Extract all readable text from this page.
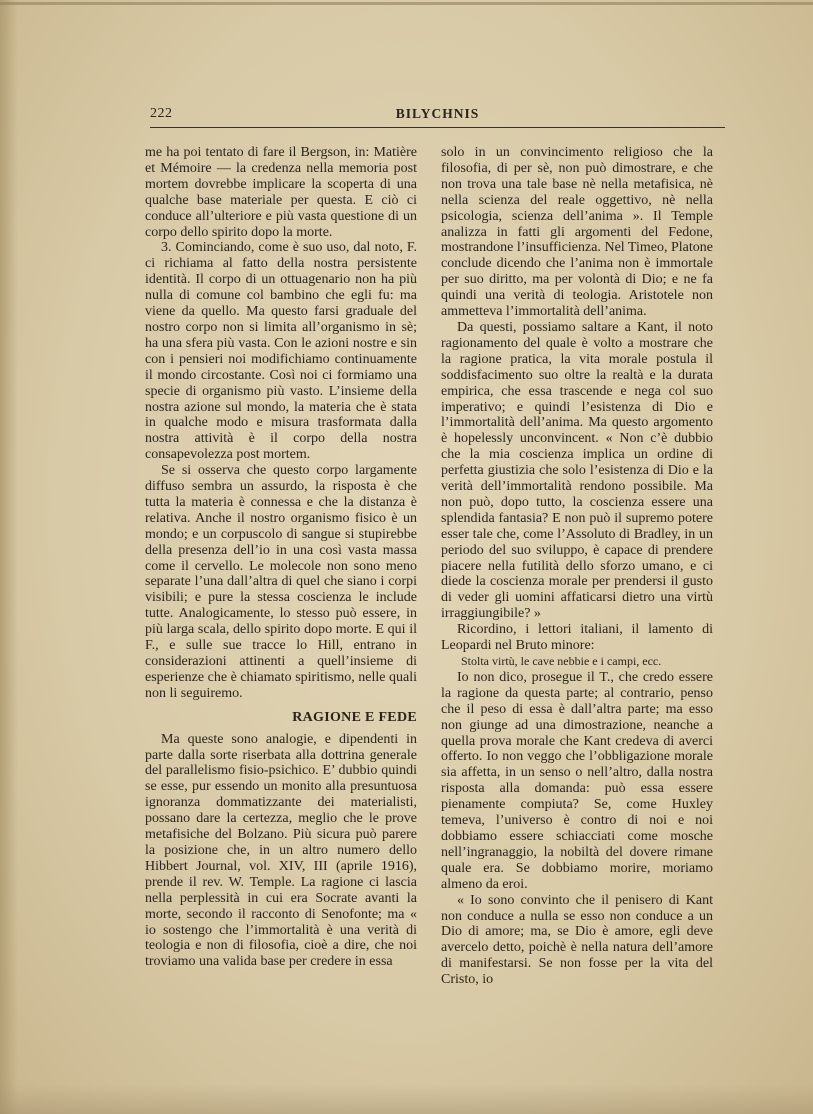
222	BILYCHNIS

me ha poi tentato di fare il Bergson, in: Matière et Mémoire — la credenza nella memoria post mortem dovrebbe implicare la scoperta di una qualche base materiale per questa. E ciò ci conduce all’ulteriore e più vasta questione di un corpo dello spirito dopo la morte.

3. Cominciando, come è suo uso, dal noto, F. ci richiama al fatto della nostra persistente identità. Il corpo di un ottuagenario non ha più nulla di comune col bambino che egli fu: ma viene da quello. Ma questo farsi graduale del nostro corpo non si limita all’organismo in sè; ha una sfera più vasta. Con le azioni nostre e sin con i pensieri noi modifichiamo continuamente il mondo circostante. Così noi ci formiamo una specie di organismo più vasto. L’insieme della nostra azione sul mondo, la materia che è stata in qualche modo e misura trasformata dalla nostra attività è il corpo della nostra consapevolezza post mortem.

Se si osserva che questo corpo largamente diffuso sembra un assurdo, la risposta è che tutta la materia è connessa e che la distanza è relativa. Anche il nostro organismo fisico è un mondo; e un corpuscolo di sangue si stupirebbe della presenza dell’io in una così vasta massa come il cervello. Le molecole non sono meno separate l’una dall’altra di quel che siano i corpi visibili; e pure la stessa coscienza le include tutte. Analogicamente, lo stesso può essere, in più larga scala, dello spirito dopo morte. E qui il F., e sulle sue tracce lo Hill, entrano in considerazioni attinenti a quell’insieme di esperienze che è chiamato spiritismo, nelle quali non li seguiremo.

RAGIONE E FEDE

Ma queste sono analogie, e dipendenti in parte dalla sorte riserbata alla dottrina generale del parallelismo fisio-psichico. E’ dubbio quindi se esse, pur essendo un monito alla presuntuosa ignoranza dommatizzante dei materialisti, possano dare la certezza, meglio che le prove metafisiche del Bolzano. Più sicura può parere la posizione che, in un altro numero dello Hibbert Journal, vol. XIV, III (aprile 1916), prende il rev. W. Temple. La ragione ci lascia nella perplessità in cui era Socrate avanti la morte, secondo il racconto di Senofonte; ma « io sostengo che l’immortalità è una verità di teologia e non di filosofia, cioè a dire, che noi troviamo una valida base per credere in essa

solo in un convincimento religioso che la filosofia, di per sè, non può dimostrare, e che non trova una tale base nè nella metafisica, nè nella scienza del reale oggettivo, nè nella psicologia, scienza dell’anima ». Il Temple analizza in fatti gli argomenti del Fedone, mostrandone l’insufficienza. Nel Timeo, Platone conclude dicendo che l’anima non è immortale per suo diritto, ma per volontà di Dio; e ne fa quindi una verità di teologia. Aristotele non ammetteva l’immortalità dell’anima.

Da questi, possiamo saltare a Kant, il noto ragionamento del quale è volto a mostrare che la ragione pratica, la vita morale postula il soddisfacimento suo oltre la realtà e la durata empirica, che essa trascende e nega col suo imperativo; e quindi l’esistenza di Dio e l’immortalità dell’anima. Ma questo argomento è hopelessly unconvincent. « Non c’è dubbio che la mia coscienza implica un ordine di perfetta giustizia che solo l’esistenza di Dio e la verità dell’immortalità rendono possibile. Ma non può, dopo tutto, la coscienza essere una splendida fantasia? E non può il supremo potere esser tale che, come l’Assoluto di Bradley, in un periodo del suo sviluppo, è capace di prendere piacere nella futilità dello sforzo umano, e ci diede la coscienza morale per prendersi il gusto di veder gli uomini affaticarsi dietro una virtù irraggiungibile? »

Ricordino, i lettori italiani, il lamento di Leopardi nel Bruto minore:

Stolta virtù, le cave nebbie e i campi, ecc.

Io non dico, prosegue il T., che credo essere la ragione da questa parte; al contrario, penso che il peso di essa è dall’altra parte; ma esso non giunge ad una dimostrazione, neanche a quella prova morale che Kant credeva di averci offerto. Io non veggo che l’obbligazione morale sia affetta, in un senso o nell’altro, dalla nostra risposta alla domanda: può essa essere pienamente compiuta? Se, come Huxley temeva, l’universo è contro di noi e noi dobbiamo essere schiacciati come mosche nell’ingranaggio, la nobiltà del dovere rimane quale era. Se dobbiamo morire, moriamo almeno da eroi.

« Io sono convinto che il penisero di Kant non conduce a nulla se esso non conduce a un Dio di amore; ma, se Dio è amore, egli deve avercelo detto, poichè è nella natura dell’amore di manifestarsi. Se non fosse per la vita del Cristo, io
